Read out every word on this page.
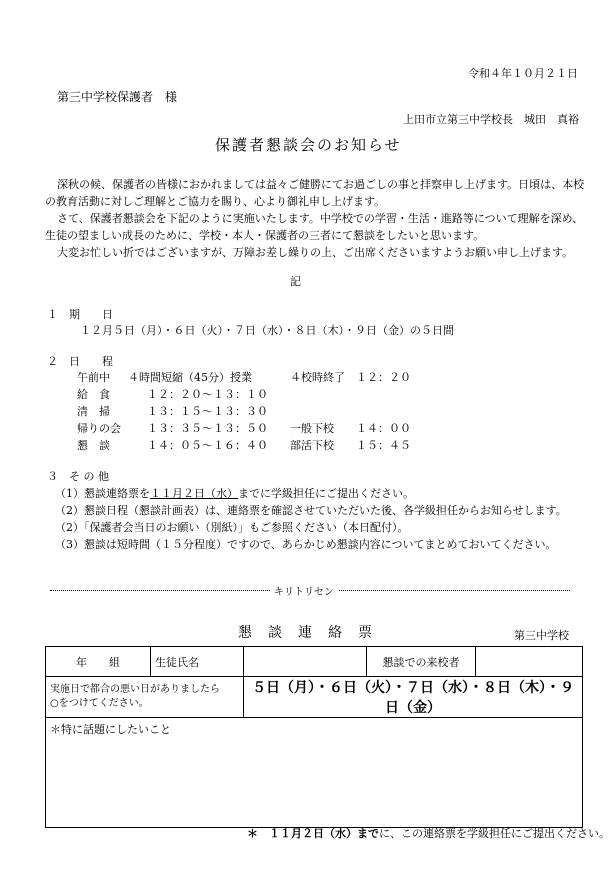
令和４年１０月２１日
第三中学校保護者　様
上田市立第三中学校長　城田　真裕
保護者懇談会のお知らせ
深秋の候、保護者の皆様におかれましては益々ご健勝にてお過ごしの事と拝察申し上げます。日頃は、本校
の教育活動に対しご理解とご協力を賜り、心より御礼申し上げます。
さて、保護者懇談会を下記のように実施いたします。中学校での学習・生活・進路等について理解を深め、
生徒の望ましい成長のために、学校・本人・保護者の三者にて懇談をしたいと思います。
大変お忙しい折ではございますが、万障お差し繰りの上、ご出席くださいますようお願い申し上げます。
記
１　期　　日
１２月５日（月）・６日（火）・７日（水）・８日（木）・９日（金）の５日間
２　日　　程
午前中 ４時間短縮（45分）授業	４校時終了　１２：２０
給　食	１２：２０～１３：１０
清　掃	１３：１５～１３：３０
帰りの会 １３：３５～１３：５０ 一般下校　　１４：００
懇　談	１４：０５～１６：４０ 部活下校　　１５：４５
３　そ の 他
（1）懇談連絡票を１１月２日（水）までに学級担任にご提出ください。
（2）懇談日程（懇談計画表）は、連絡票を確認させていただいた後、各学級担任からお知らせします。
（2）「保護者会当日のお願い（別紙）」もご参照ください（本日配付）。
（3）懇談は短時間（１５分程度）ですので、あらかじめ懇談内容についてまとめておいてください。
キリトリセン
懇　談　連　絡　票	第三中学校
年　　組	生徒氏名		懇談での来校者	

実施日で都合の悪い日がありましたら
○をつけてください。		５日（月）・６日（火）・７日（水）・８日（木）・９日（金）		
＊特に話題にしたいこと				
＊　１１月２日（水）までに、この連絡票を学級担任にご提出ください。
